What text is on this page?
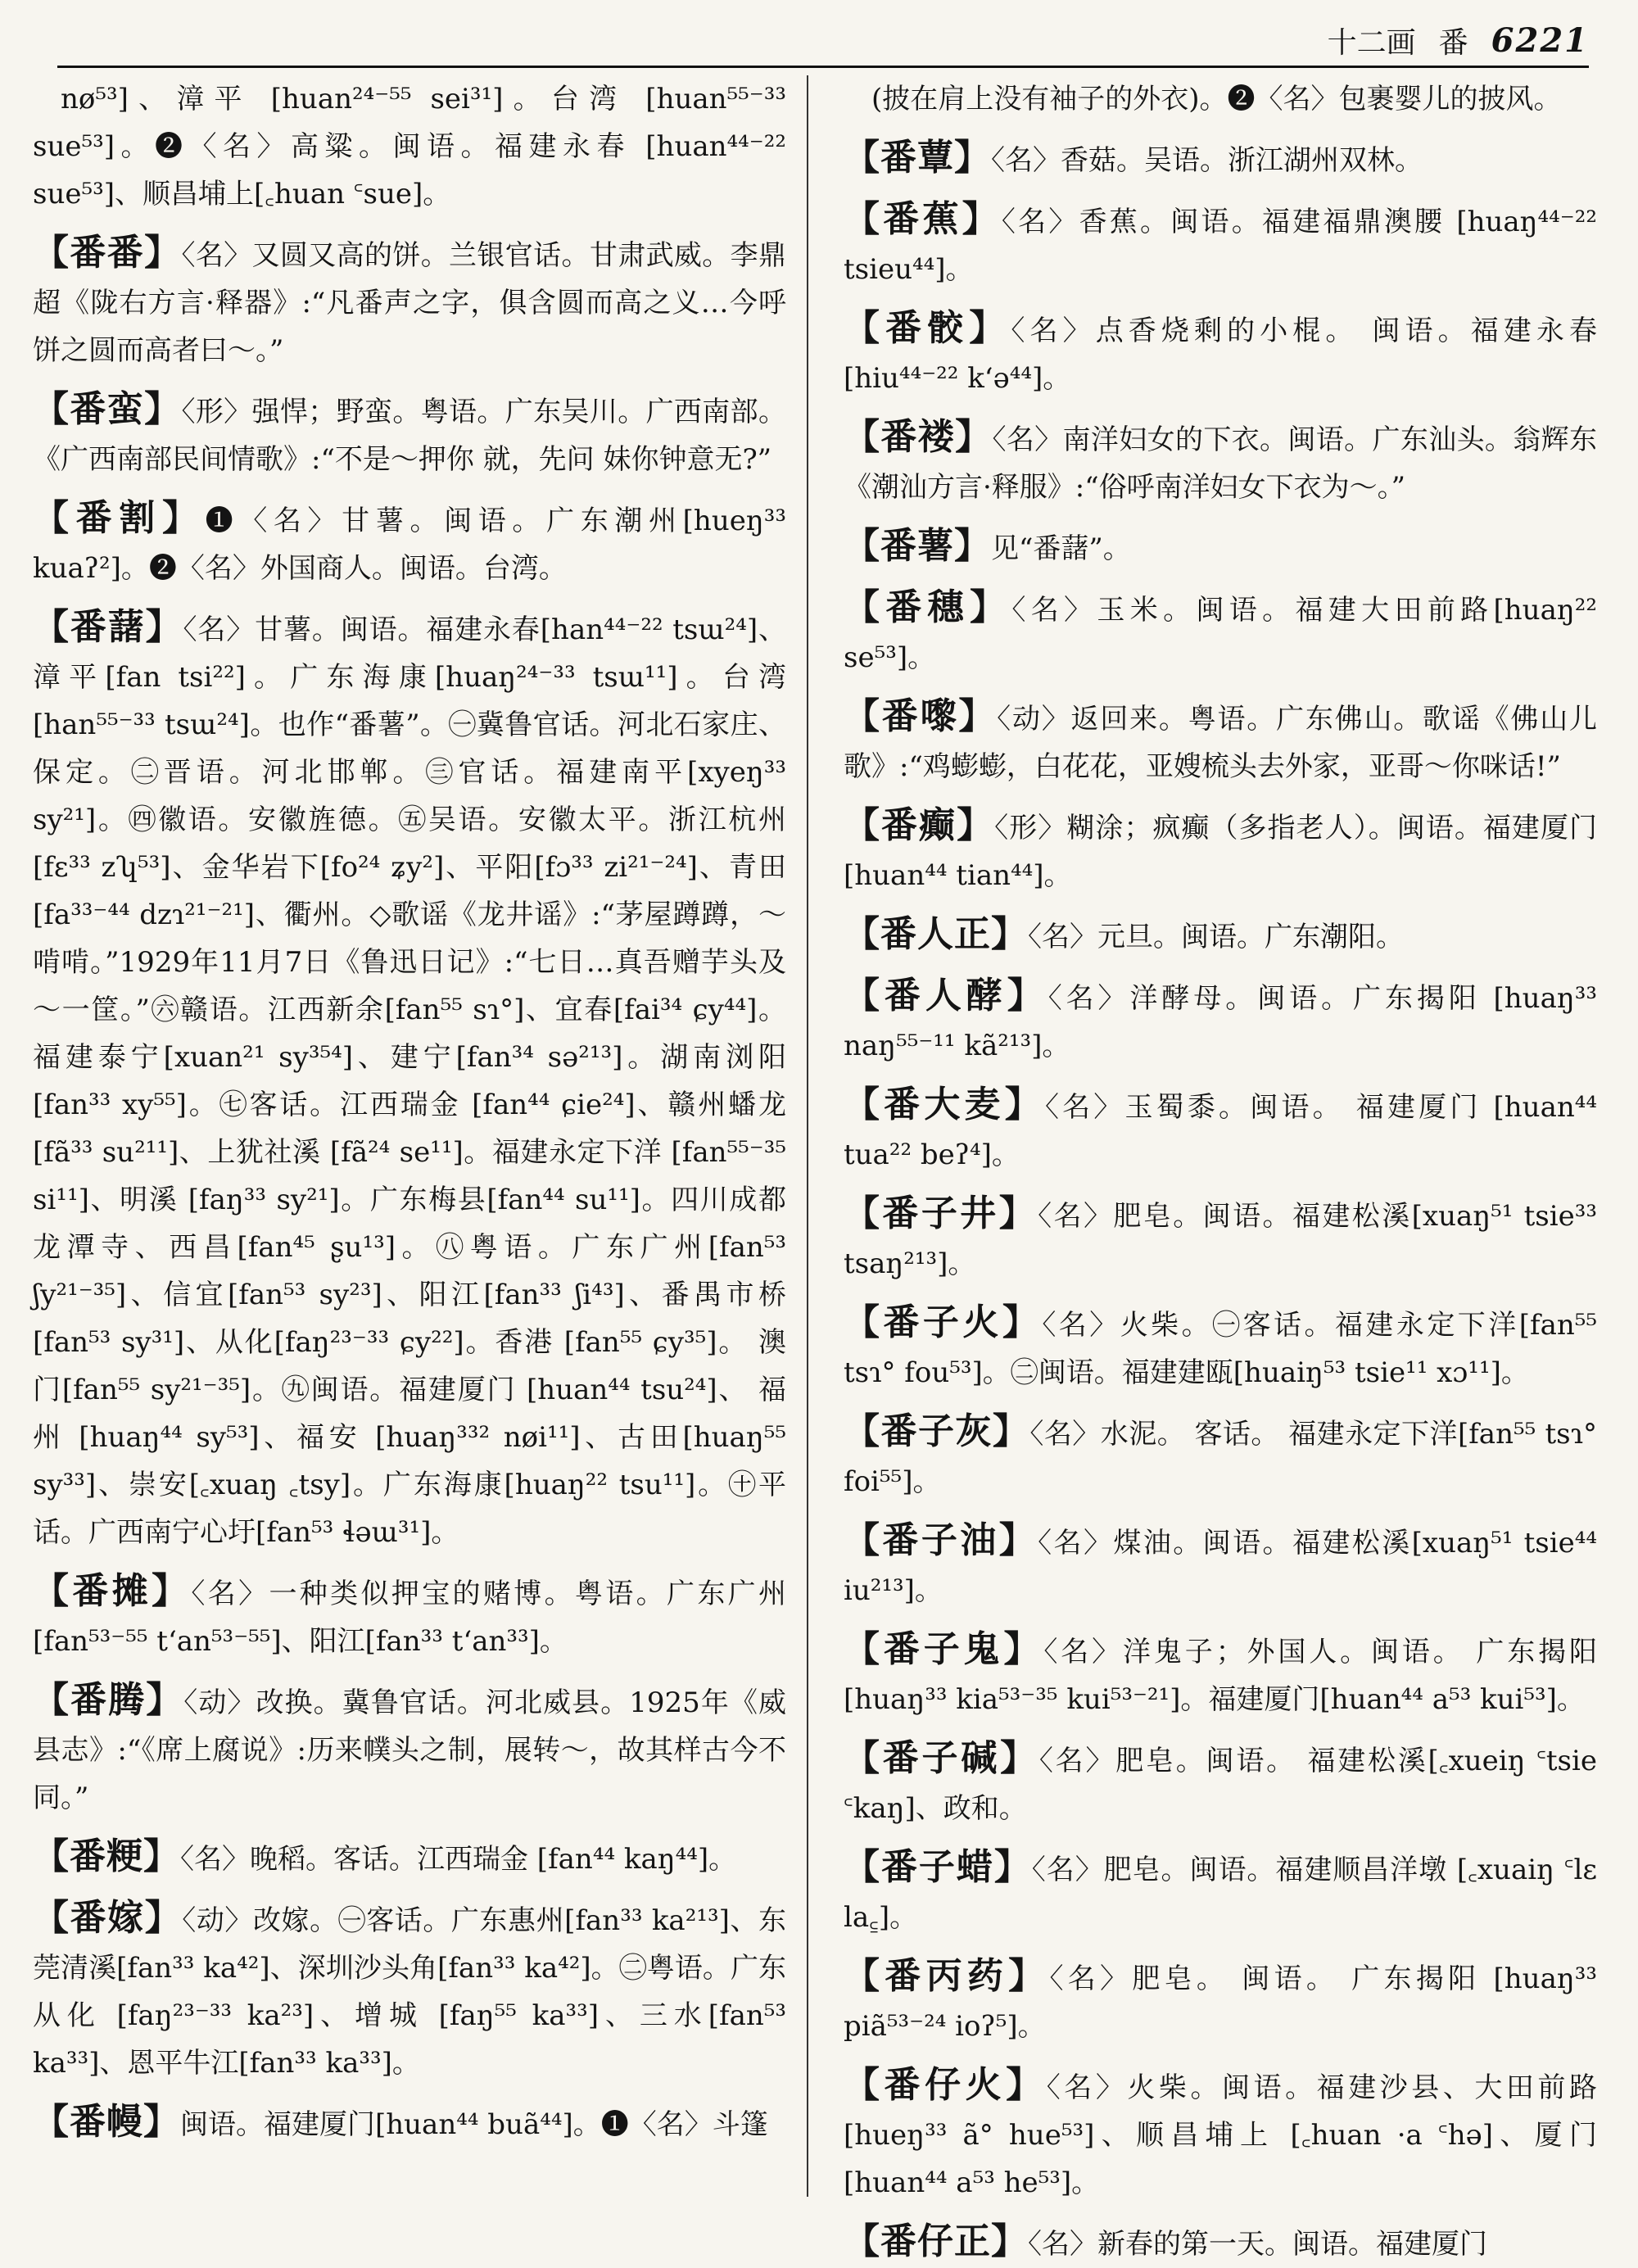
十二画 番 6221
nø⁵³]、漳平 [huan²⁴⁻⁵⁵ sei³¹]。台湾 [huan⁵⁵⁻³³ sue⁵³]。❷〈名〉高粱。闽语。福建永春 [huan⁴⁴⁻²² sue⁵³]、顺昌埔上[꜀huan ꜂sue]。
【番番】〈名〉又圆又高的饼。兰银官话。甘肃武威。李鼎超《陇右方言·释器》:“凡番声之字，俱含圆而高之义…今呼饼之圆而高者曰～。”
【番蛮】〈形〉强悍；野蛮。粤语。广东吴川。广西南部。《广西南部民间情歌》:“不是～押你 就，先问 妹你钟意无?”
【番割】❶〈名〉甘薯。闽语。广东潮州[hueŋ³³ kuaʔ²]。❷〈名〉外国商人。闽语。台湾。
【番藷】〈名〉甘薯。闽语。福建永春[han⁴⁴⁻²² tsɯ²⁴]、漳平[fan tsi²²]。广东海康[huaŋ²⁴⁻³³ tsɯ¹¹]。台湾[han⁵⁵⁻³³ tsɯ²⁴]。也作“番薯”。㊀冀鲁官话。河北石家庄、保定。㊁晋语。河北邯郸。㊂官话。福建南平[xyeŋ³³ sy²¹]。㊃徽语。安徽旌德。㊄吴语。安徽太平。浙江杭州[fɛ³³ zʮ⁵³]、金华岩下[fo²⁴ ʑy²]、平阳[fɔ³³ zi²¹⁻²⁴]、青田[fa³³⁻⁴⁴ dzɿ²¹⁻²¹]、衢州。◇歌谣《龙井谣》:“茅屋蹲蹲，～啃啃。”1929年11月7日《鲁迅日记》:“七日…真吾赠芋头及～一筐。”㊅赣语。江西新余[fan⁵⁵ sɿ°]、宜春[fai³⁴ ɕy⁴⁴]。福建泰宁[xuan²¹ sy³⁵⁴]、建宁[fan³⁴ sə²¹³]。湖南浏阳 [fan³³ xy⁵⁵]。㊆客话。江西瑞金 [fan⁴⁴ ɕie²⁴]、赣州蟠龙 [fã³³ su²¹¹]、上犹社溪 [fã²⁴ se¹¹]。福建永定下洋 [fan⁵⁵⁻³⁵ si¹¹]、明溪 [faŋ³³ sy²¹]。广东梅县[fan⁴⁴ su¹¹]。四川成都龙潭寺、西昌[fan⁴⁵ ʂu¹³]。㊇粤语。广东广州[fan⁵³ ʃy²¹⁻³⁵]、信宜[fan⁵³ sy²³]、阳江[fan³³ ʃi⁴³]、番禺市桥[fan⁵³ sy³¹]、从化[faŋ²³⁻³³ ɕy²²]。香港 [fan⁵⁵ ɕy³⁵]。 澳门[fan⁵⁵ sy²¹⁻³⁵]。㊈闽语。福建厦门 [huan⁴⁴ tsu²⁴]、 福州 [huaŋ⁴⁴ sy⁵³]、福安 [huaŋ³³² nøi¹¹]、古田[huaŋ⁵⁵ sy³³]、崇安[꜀xuaŋ ꜀tsy]。广东海康[huaŋ²² tsu¹¹]。㊉平话。广西南宁心圩[fan⁵³ ɬəɯ³¹]。
【番摊】〈名〉一种类似押宝的赌博。粤语。广东广州[fan⁵³⁻⁵⁵ t‘an⁵³⁻⁵⁵]、阳江[fan³³ t‘an³³]。
【番腾】〈动〉改换。冀鲁官话。河北威县。1925年《威县志》:“《席上腐说》:历来幞头之制，展转～，故其样古今不同。”
【番粳】〈名〉晚稻。客话。江西瑞金 [fan⁴⁴ kaŋ⁴⁴]。
【番嫁】〈动〉改嫁。㊀客话。广东惠州[fan³³ ka²¹³]、东莞清溪[fan³³ ka⁴²]、深圳沙头角[fan³³ ka⁴²]。㊁粤语。广东从化 [faŋ²³⁻³³ ka²³]、增城 [faŋ⁵⁵ ka³³]、三水[fan⁵³ ka³³]、恩平牛江[fan³³ ka³³]。
【番幔】闽语。福建厦门[huan⁴⁴ buã⁴⁴]。❶〈名〉斗篷
(披在肩上没有袖子的外衣)。❷〈名〉包裹婴儿的披风。
【番蕈】〈名〉香菇。吴语。浙江湖州双林。
【番蕉】〈名〉香蕉。闽语。福建福鼎澳腰 [huaŋ⁴⁴⁻²² tsieu⁴⁴]。
【番骹】〈名〉点香烧剩的小棍。 闽语。福建永春 [hiu⁴⁴⁻²² k‘ə⁴⁴]。
【番褛】〈名〉南洋妇女的下衣。闽语。广东汕头。翁辉东《潮汕方言·释服》:“俗呼南洋妇女下衣为～。”
【番薯】见“番藷”。
【番穗】〈名〉玉米。闽语。福建大田前路[huaŋ²² se⁵³]。
【番嚟】〈动〉返回来。粤语。广东佛山。歌谣《佛山儿歌》:“鸡蟛蟛，白花花，亚嫂梳头去外家，亚哥～你咪话!”
【番癫】〈形〉糊涂；疯癫（多指老人）。闽语。福建厦门 [huan⁴⁴ tian⁴⁴]。
【番人正】〈名〉元旦。闽语。广东潮阳。
【番人酵】〈名〉洋酵母。闽语。广东揭阳 [huaŋ³³ naŋ⁵⁵⁻¹¹ kã²¹³]。
【番大麦】〈名〉玉蜀黍。闽语。 福建厦门 [huan⁴⁴ tua²² beʔ⁴]。
【番子井】〈名〉肥皂。闽语。福建松溪[xuaŋ⁵¹ tsie³³ tsaŋ²¹³]。
【番子火】〈名〉火柴。㊀客话。福建永定下洋[fan⁵⁵ tsɿ° fou⁵³]。㊁闽语。福建建瓯[huaiŋ⁵³ tsie¹¹ xɔ¹¹]。
【番子灰】〈名〉水泥。 客话。 福建永定下洋[fan⁵⁵ tsɿ° foi⁵⁵]。
【番子油】〈名〉煤油。闽语。福建松溪[xuaŋ⁵¹ tsie⁴⁴ iu²¹³]。
【番子鬼】〈名〉洋鬼子；外国人。闽语。 广东揭阳 [huaŋ³³ kia⁵³⁻³⁵ kui⁵³⁻²¹]。福建厦门[huan⁴⁴ a⁵³ kui⁵³]。
【番子碱】〈名〉肥皂。闽语。 福建松溪[꜀xueiŋ ꜂tsie ꜂kaŋ]、政和。
【番子蜡】〈名〉肥皂。闽语。福建顺昌洋墩 [꜀xuaiŋ ꜂lɛ la꜁]。
【番丙药】〈名〉肥皂。 闽语。 广东揭阳 [huaŋ³³ piã⁵³⁻²⁴ ioʔ⁵]。
【番仔火】〈名〉火柴。闽语。福建沙县、大田前路 [hueŋ³³ ã° hue⁵³]、顺昌埔上 [꜀huan ·a ꜂hə]、厦门[huan⁴⁴ a⁵³ he⁵³]。
【番仔正】〈名〉新春的第一天。闽语。福建厦门
